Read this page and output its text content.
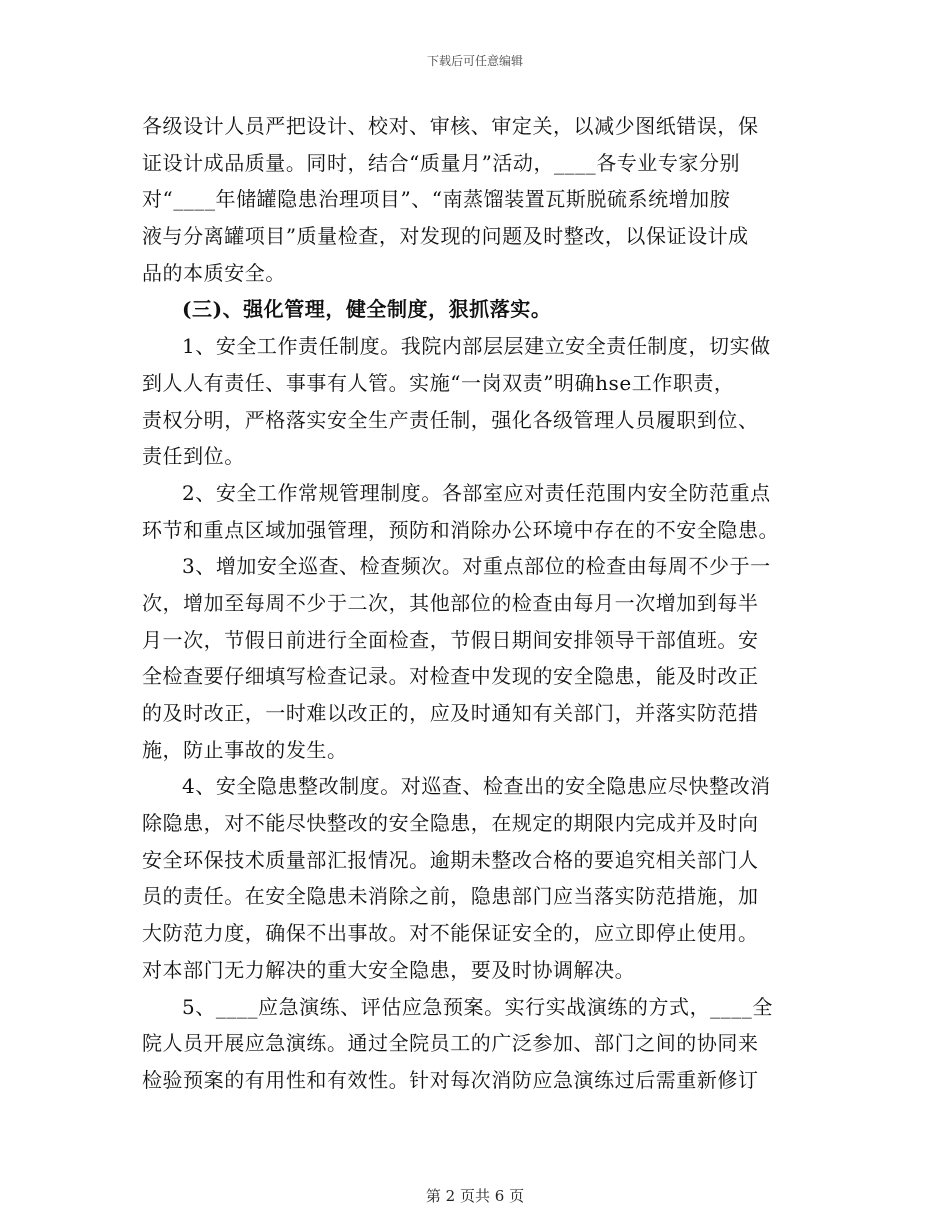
下载后可任意编辑
各级设计人员严把设计、校对、审核、审定关，以减少图纸错误，保
证设计成品质量。同时，结合“质量月”活动，____各专业专家分别
对“____年储罐隐患治理项目”、“南蒸馏装置瓦斯脱硫系统增加胺
液与分离罐项目”质量检查，对发现的问题及时整改，以保证设计成
品的本质安全。
(三)、强化管理，健全制度，狠抓落实。
1、安全工作责任制度。我院内部层层建立安全责任制度，切实做
到人人有责任、事事有人管。实施“一岗双责”明确hse工作职责，
责权分明，严格落实安全生产责任制，强化各级管理人员履职到位、
责任到位。
2、安全工作常规管理制度。各部室应对责任范围内安全防范重点
环节和重点区域加强管理，预防和消除办公环境中存在的不安全隐患。
3、增加安全巡查、检查频次。对重点部位的检查由每周不少于一
次，增加至每周不少于二次，其他部位的检查由每月一次增加到每半
月一次，节假日前进行全面检查，节假日期间安排领导干部值班。安
全检查要仔细填写检查记录。对检查中发现的安全隐患，能及时改正
的及时改正，一时难以改正的，应及时通知有关部门，并落实防范措
施，防止事故的发生。
4、安全隐患整改制度。对巡查、检查出的安全隐患应尽快整改消
除隐患，对不能尽快整改的安全隐患，在规定的期限内完成并及时向
安全环保技术质量部汇报情况。逾期未整改合格的要追究相关部门人
员的责任。在安全隐患未消除之前，隐患部门应当落实防范措施，加
大防范力度，确保不出事故。对不能保证安全的，应立即停止使用。
对本部门无力解决的重大安全隐患，要及时协调解决。
5、____应急演练、评估应急预案。实行实战演练的方式，____全
院人员开展应急演练。通过全院员工的广泛参加、部门之间的协同来
检验预案的有用性和有效性。针对每次消防应急演练过后需重新修订
第 2 页共 6 页
